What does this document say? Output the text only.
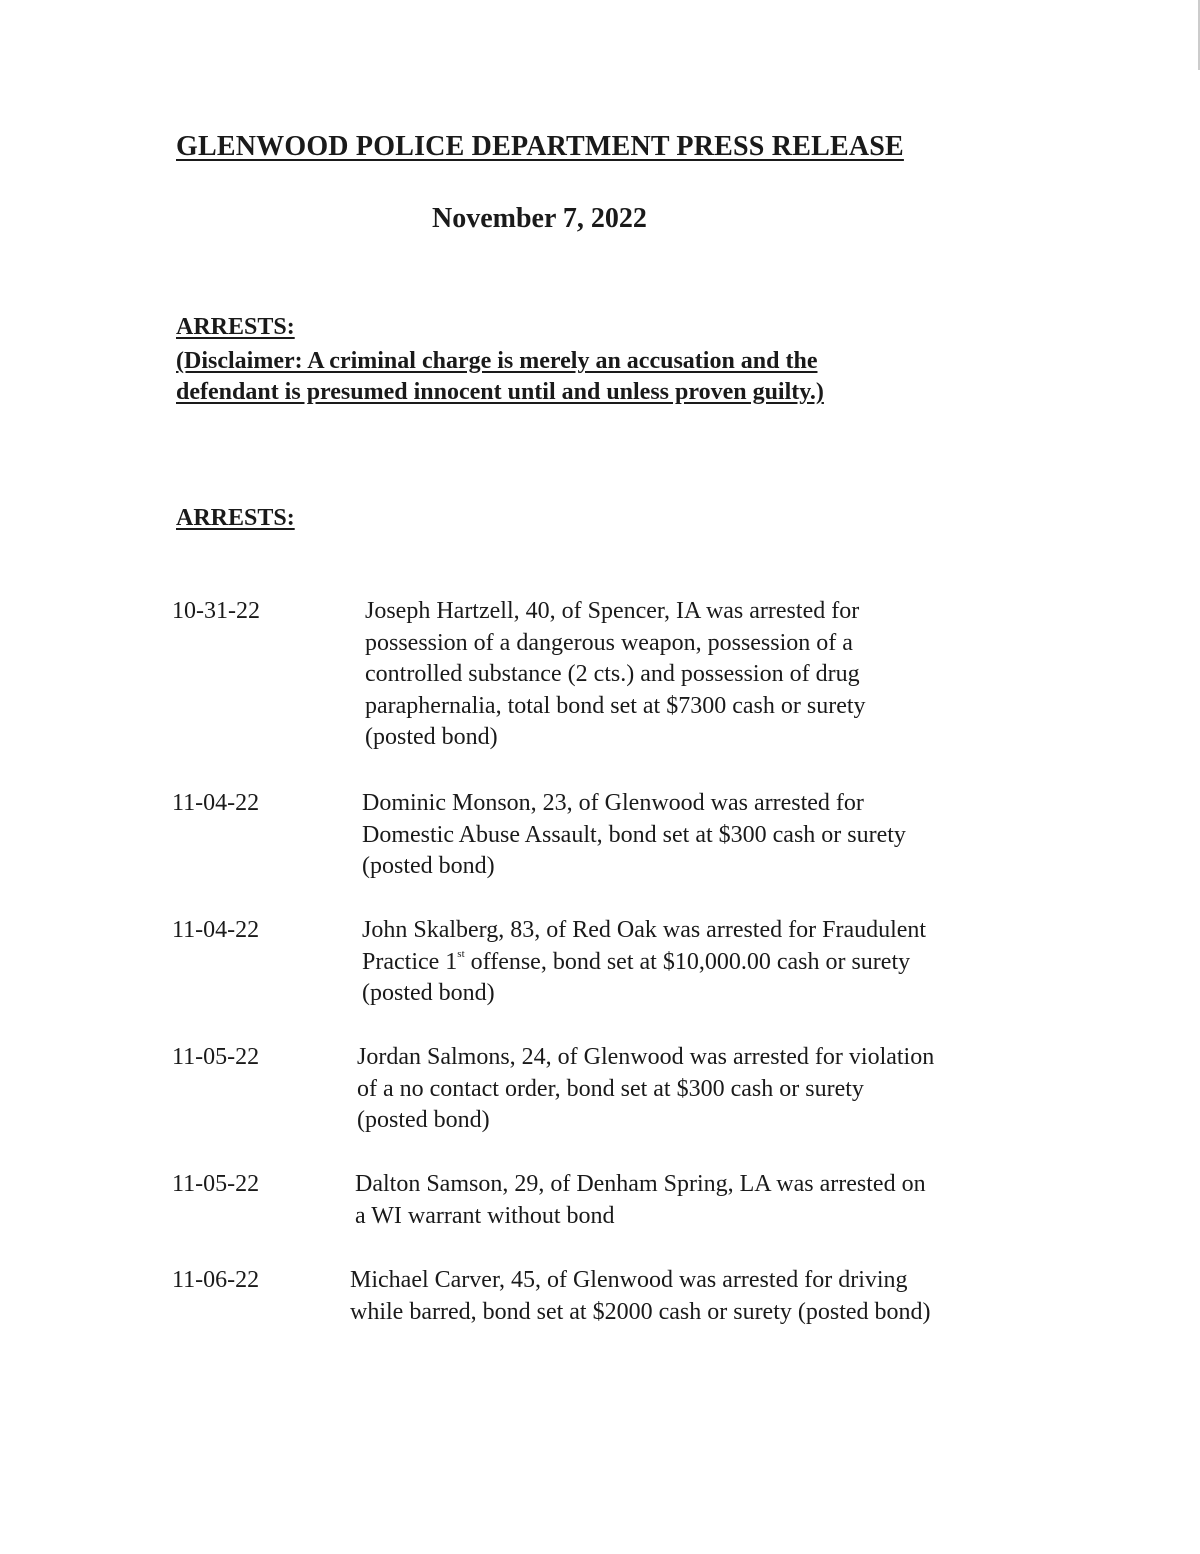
GLENWOOD POLICE DEPARTMENT PRESS RELEASE
November 7, 2022
ARRESTS:
(Disclaimer: A criminal charge is merely an accusation and the
defendant is presumed innocent until and unless proven guilty.)
ARRESTS:
10-31-22	Joseph Hartzell, 40, of Spencer, IA was arrested for
possession of a dangerous weapon, possession of a
controlled substance (2 cts.) and possession of drug
paraphernalia, total bond set at $7300 cash or surety
(posted bond)
11-04-22	Dominic Monson, 23, of Glenwood was arrested for
Domestic Abuse Assault, bond set at $300 cash or surety
(posted bond)
11-04-22	John Skalberg, 83, of Red Oak was arrested for Fraudulent
Practice 1st offense, bond set at $10,000.00 cash or surety
(posted bond)
11-05-22	Jordan Salmons, 24, of Glenwood was arrested for violation
of a no contact order, bond set at $300 cash or surety
(posted bond)
11-05-22	Dalton Samson, 29, of Denham Spring, LA was arrested on
a WI warrant without bond
11-06-22	Michael Carver, 45, of Glenwood was arrested for driving
while barred, bond set at $2000 cash or surety (posted bond)
